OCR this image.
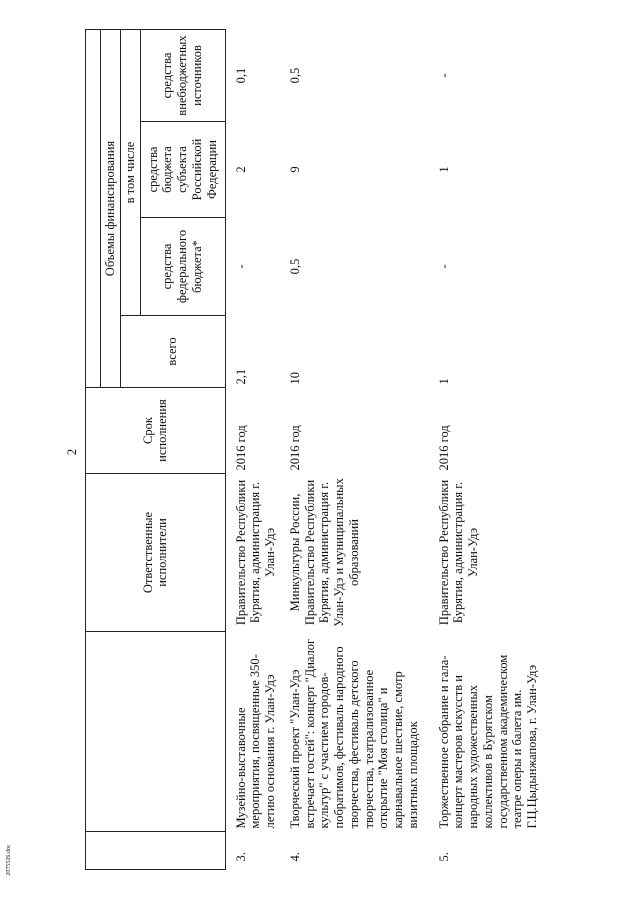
2
		Ответственные исполнители	Срок исполнения				
				Объемы финансирования			
				всего	в том числе		
					средства федерального бюджета*	средства бюджета субъекта Российской Федерации	средства внебюджетных источников
3.	Музейно-выставочные мероприятия, посвященные 350-летию основания г. Улан-Удэ	Правительство Республики Бурятия, администрация г. Улан-Удэ	2016 год	2,1	-	2	0,1
4.	Творческий проект "Улан-Удэ встречает гостей": концерт "Диалог культур" с участием городов-побратимов, фестиваль народного творчества, фестиваль детского творчества, театрализованное открытие "Моя столица" и карнавальное шествие, смотр визитных площадок	Минкультуры России, Правительство Республики Бурятия, администрация г. Улан-Удэ и муниципальных образований	2016 год	10	0,5	9	0,5
5.	Торжественное собрание и гала-концерт мастеров искусств и народных художественных коллективов в Бурятском государственном академическом театре оперы и балета им. Г.Ц.Цыдынжапова, г. Улан-Удэ	Правительство Республики Бурятия, администрация г. Улан-Удэ	2016 год	1	-	1	-
2075526.doc
